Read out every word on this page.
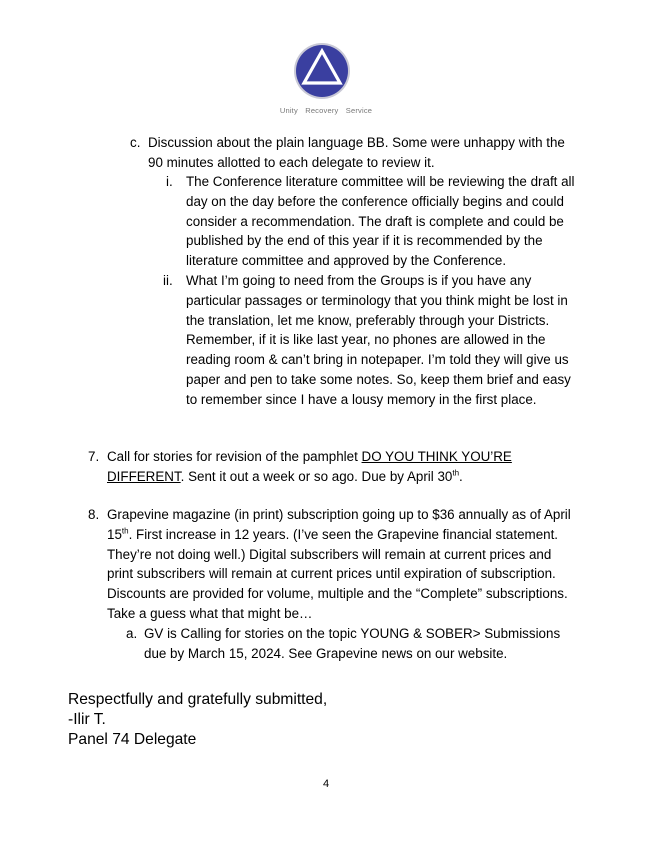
Unity Recovery Service
c. Discussion about the plain language BB. Some were unhappy with the 90 minutes allotted to each delegate to review it.
i. The Conference literature committee will be reviewing the draft all day on the day before the conference officially begins and could consider a recommendation. The draft is complete and could be published by the end of this year if it is recommended by the literature committee and approved by the Conference.
ii. What I’m going to need from the Groups is if you have any particular passages or terminology that you think might be lost in the translation, let me know, preferably through your Districts. Remember, if it is like last year, no phones are allowed in the reading room & can’t bring in notepaper. I’m told they will give us paper and pen to take some notes. So, keep them brief and easy to remember since I have a lousy memory in the first place.
7. Call for stories for revision of the pamphlet DO YOU THINK YOU’RE DIFFERENT. Sent it out a week or so ago. Due by April 30th.
8. Grapevine magazine (in print) subscription going up to $36 annually as of April 15th. First increase in 12 years. (I’ve seen the Grapevine financial statement. They’re not doing well.) Digital subscribers will remain at current prices and print subscribers will remain at current prices until expiration of subscription. Discounts are provided for volume, multiple and the “Complete” subscriptions. Take a guess what that might be…
a. GV is Calling for stories on the topic YOUNG & SOBER> Submissions due by March 15, 2024. See Grapevine news on our website.
Respectfully and gratefully submitted,
-Ilir T.
Panel 74 Delegate
4
